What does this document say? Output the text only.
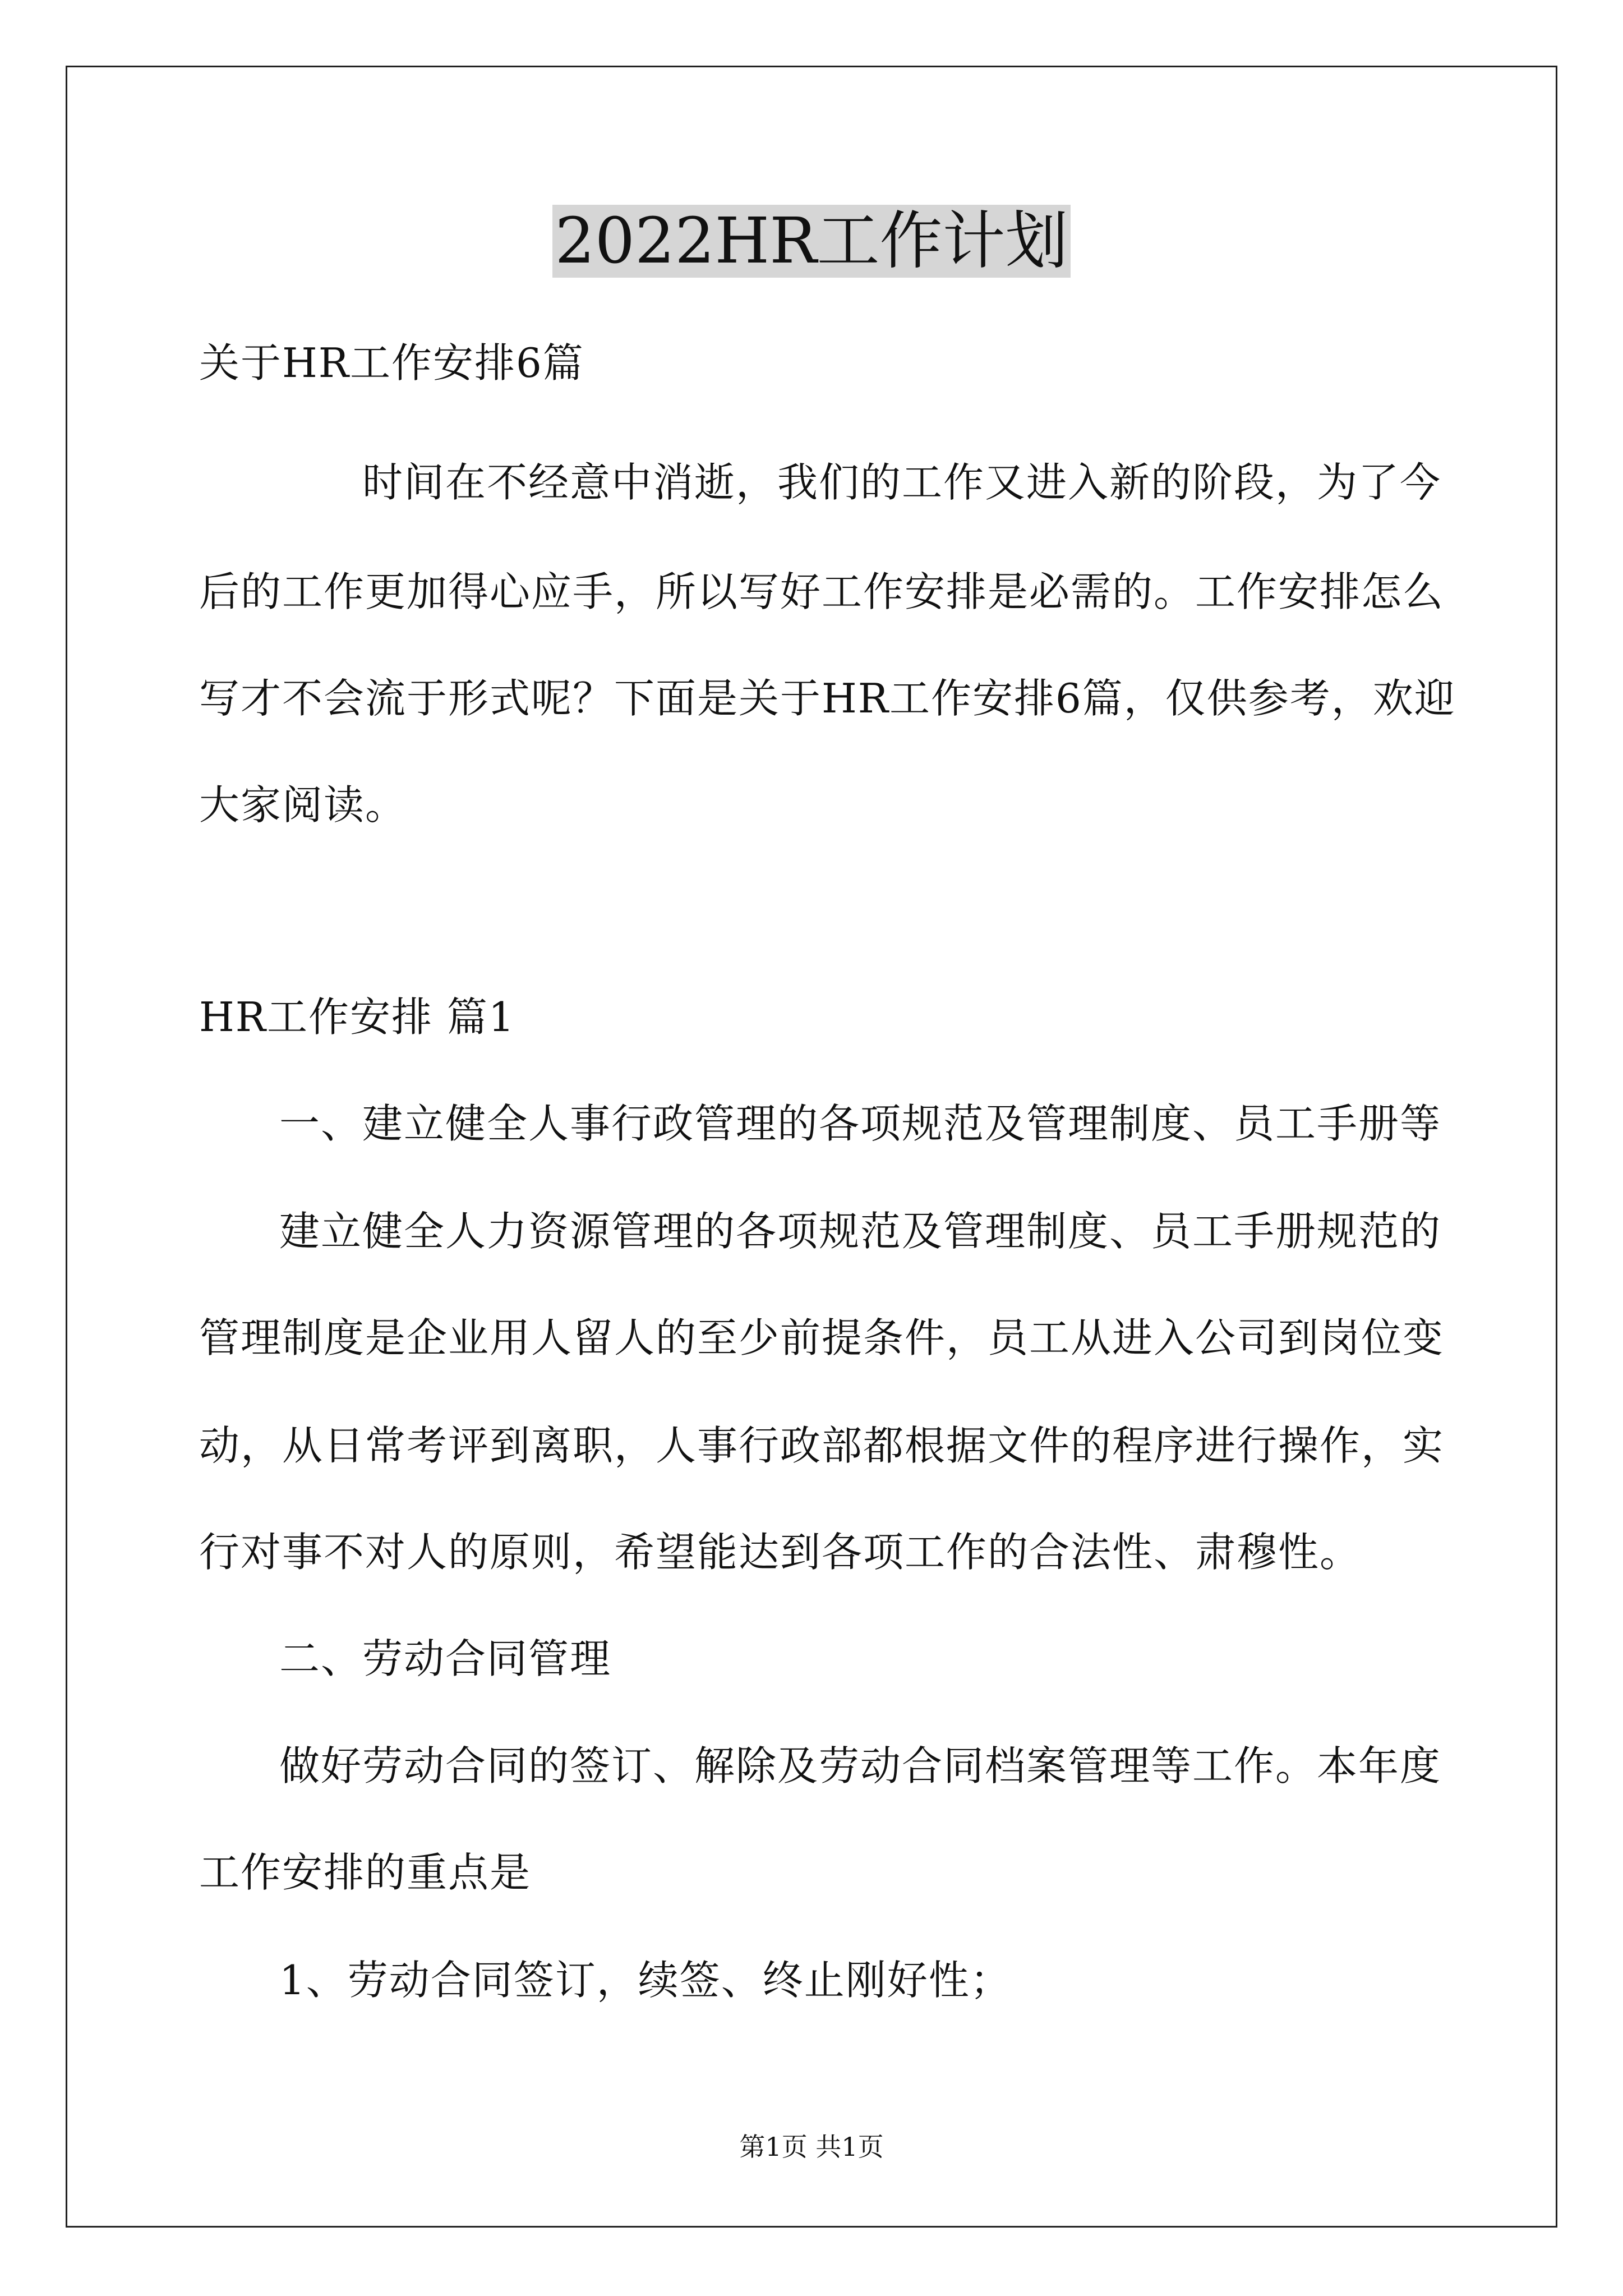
2022HR工作计划
关于HR工作安排6篇
时间在不经意中消逝，我们的工作又进入新的阶段，为了今
后的工作更加得心应手，所以写好工作安排是必需的。工作安排怎么
写才不会流于形式呢？下面是关于HR工作安排6篇，仅供参考，欢迎
大家阅读。
HR工作安排 篇1
一、建立健全人事行政管理的各项规范及管理制度、员工手册等
建立健全人力资源管理的各项规范及管理制度、员工手册规范的
管理制度是企业用人留人的至少前提条件，员工从进入公司到岗位变
动，从日常考评到离职，人事行政部都根据文件的程序进行操作，实
行对事不对人的原则，希望能达到各项工作的合法性、肃穆性。
二、劳动合同管理
做好劳动合同的签订、解除及劳动合同档案管理等工作。本年度
工作安排的重点是
1、劳动合同签订，续签、终止刚好性；
第1页 共1页
